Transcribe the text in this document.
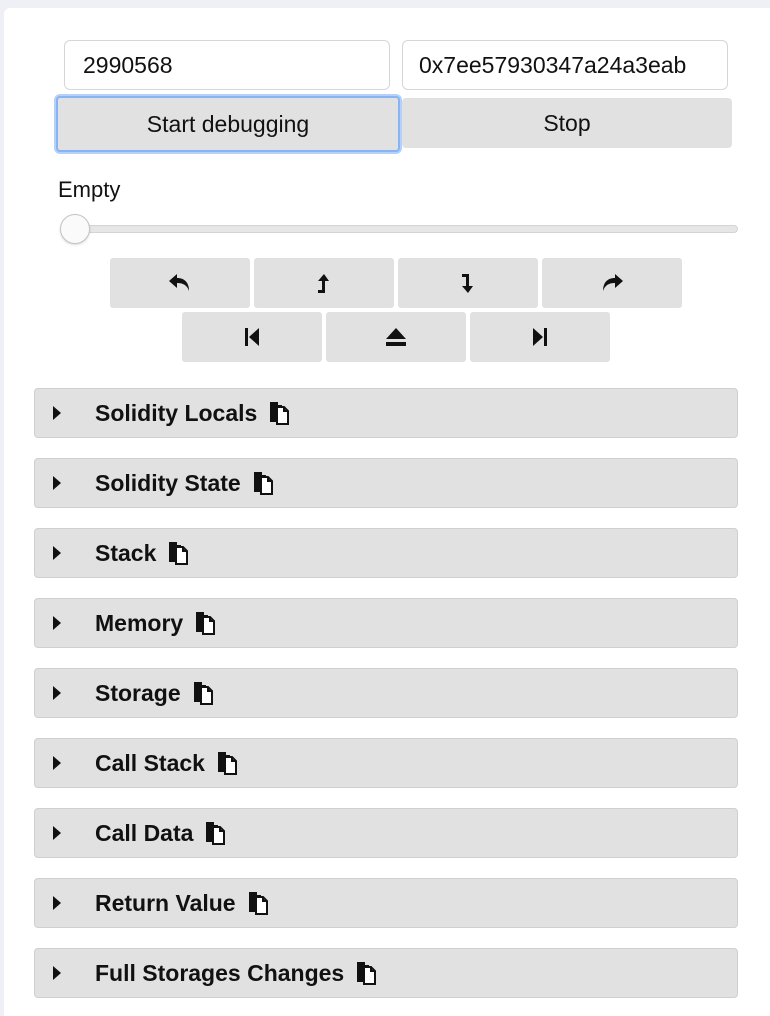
2990568	0x7ee57930347a24a3eab
Start debugging	Stop
Empty
Solidity Locals
Solidity State
Stack
Memory
Storage
Call Stack
Call Data
Return Value
Full Storages Changes
